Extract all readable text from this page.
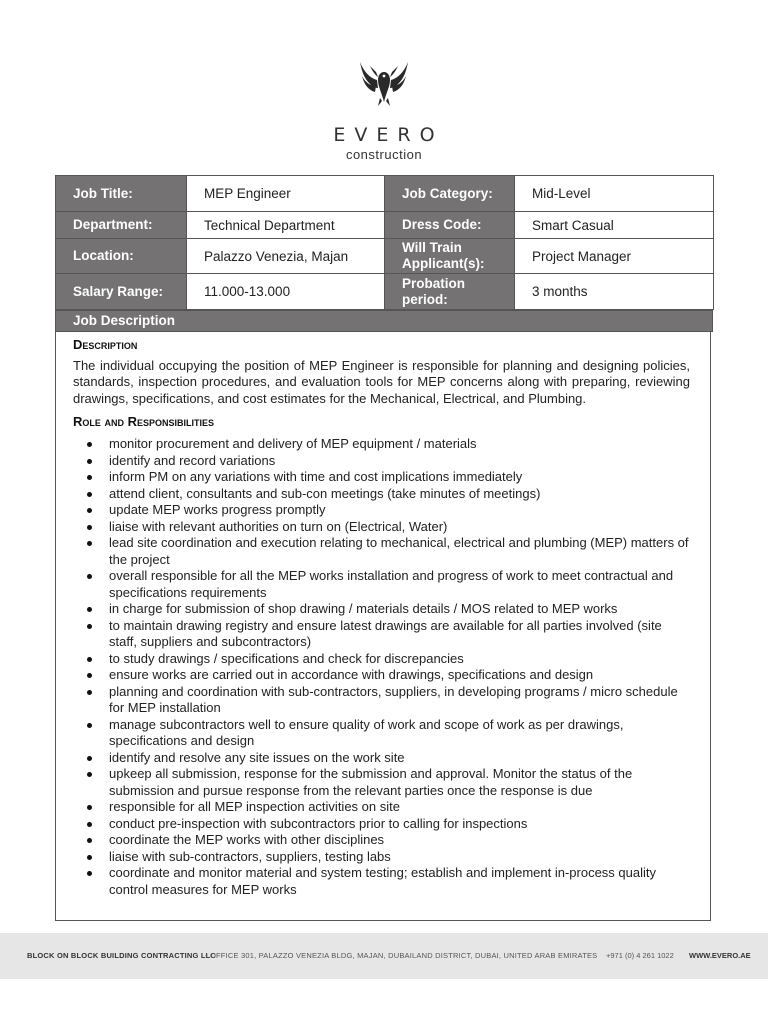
EVERO
construction
Job Title:	MEP Engineer	Job Category:	Mid-Level
Department:	Technical Department	Dress Code:	Smart Casual
Location:	Palazzo Venezia, Majan	Will Train Applicant(s):	Project Manager
Salary Range:	11.000-13.000	Probation period:	3 months
Job Description
Description

The individual occupying the position of MEP Engineer is responsible for planning and designing policies, standards, inspection procedures, and evaluation tools for MEP concerns along with preparing, reviewing drawings, specifications, and cost estimates for the Mechanical, Electrical, and Plumbing.

Role and Responsibilities
monitor procurement and delivery of MEP equipment / materials
identify and record variations
inform PM on any variations with time and cost implications immediately
attend client, consultants and sub-con meetings (take minutes of meetings)
update MEP works progress promptly
liaise with relevant authorities on turn on (Electrical, Water)
lead site coordination and execution relating to mechanical, electrical and plumbing (MEP) matters of the project
overall responsible for all the MEP works installation and progress of work to meet contractual and specifications requirements
in charge for submission of shop drawing / materials details / MOS related to MEP works
to maintain drawing registry and ensure latest drawings are available for all parties involved (site staff, suppliers and subcontractors)
to study drawings / specifications and check for discrepancies
ensure works are carried out in accordance with drawings, specifications and design
planning and coordination with sub-contractors, suppliers, in developing programs / micro schedule for MEP installation
manage subcontractors well to ensure quality of work and scope of work as per drawings, specifications and design
identify and resolve any site issues on the work site
upkeep all submission, response for the submission and approval. Monitor the status of the submission and pursue response from the relevant parties once the response is due
responsible for all MEP inspection activities on site
conduct pre-inspection with subcontractors prior to calling for inspections
coordinate the MEP works with other disciplines
liaise with sub-contractors, suppliers, testing labs
coordinate and monitor material and system testing; establish and implement in-process quality control measures for MEP works
BLOCK ON BLOCK BUILDING CONTRACTING LLC
- OFFICE 301, PALAZZO VENEZIA BLDG, MAJAN, DUBAILAND DISTRICT, DUBAI, UNITED ARAB EMIRATES +971 (0) 4 261 1022 WWW.EVERO.AE
